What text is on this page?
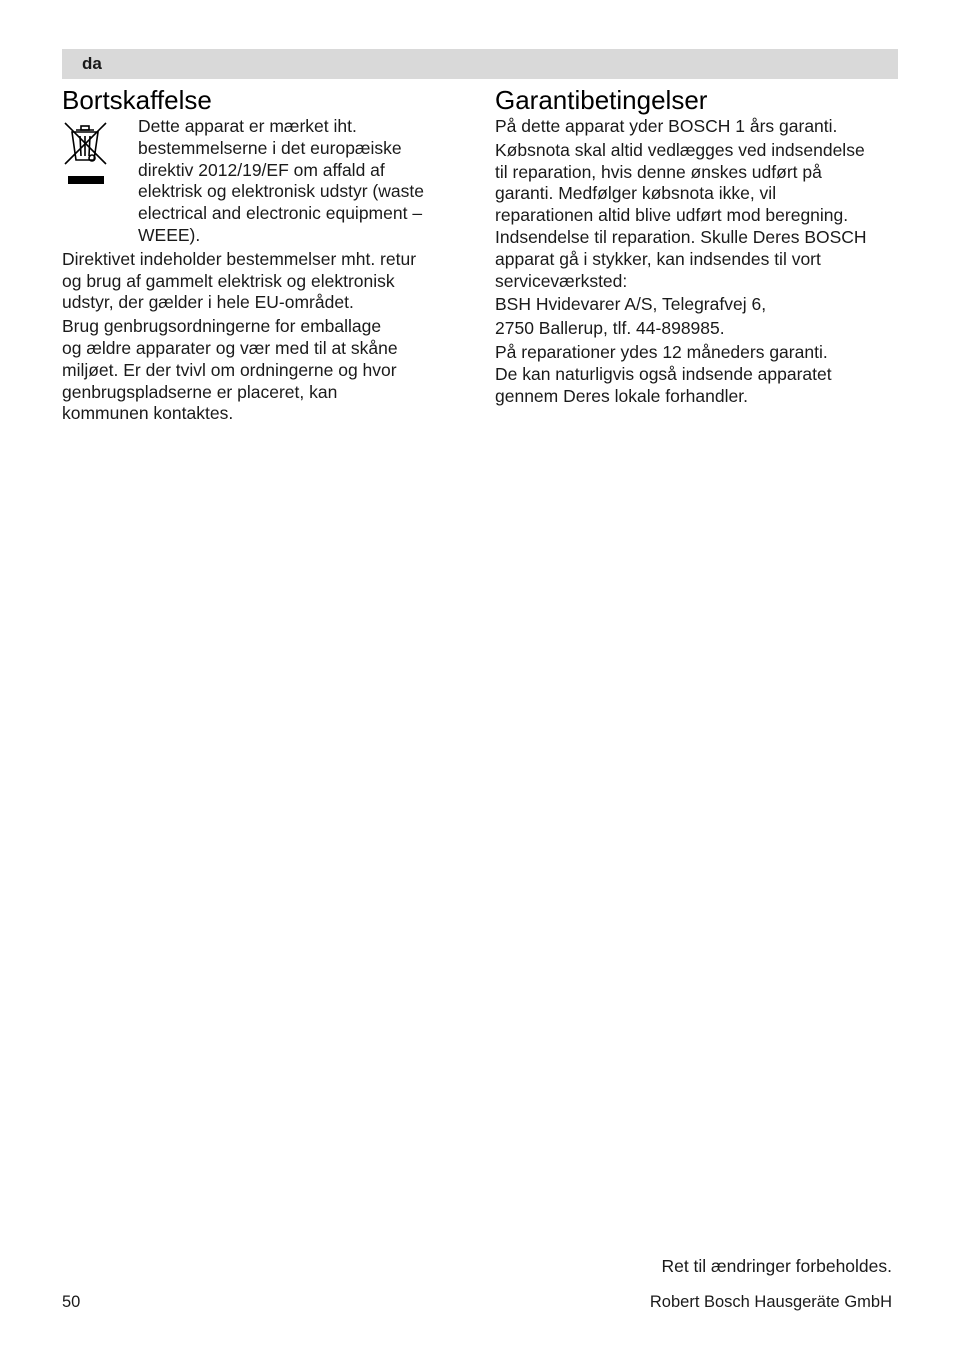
da
Bortskaffelse

Dette apparat er mærket iht.

bestemmelserne i det europæiske

direktiv 2012/19/EF om affald af

elektrisk og elektronisk udstyr (waste

electrical and electronic equipment –

WEEE).

Direktivet indeholder bestemmelser mht. retur

og brug af gammelt elektrisk og elektronisk

udstyr, der gælder i hele EU-området.

Brug genbrugsordningerne for emballage

og ældre apparater og vær med til at skåne

miljøet. Er der tvivl om ordningerne og hvor

genbrugspladserne er placeret, kan

kommunen kontaktes.

Garantibetingelser

På dette apparat yder BOSCH 1 års garanti.

Købsnota skal altid vedlægges ved indsendelse

til reparation, hvis denne ønskes udført på

garanti. Medfølger købsnota ikke, vil

reparationen altid blive udført mod beregning.

Indsendelse til reparation. Skulle Deres BOSCH

apparat gå i stykker, kan indsendes til vort

serviceværksted:

BSH Hvidevarer A/S, Telegrafvej 6,

2750 Ballerup, tlf. 44-898985.

På reparationer ydes 12 måneders garanti.

De kan naturligvis også indsende apparatet

gennem Deres lokale forhandler.

Ret til ændringer forbeholdes.
50	Robert Bosch Hausgeräte GmbH
